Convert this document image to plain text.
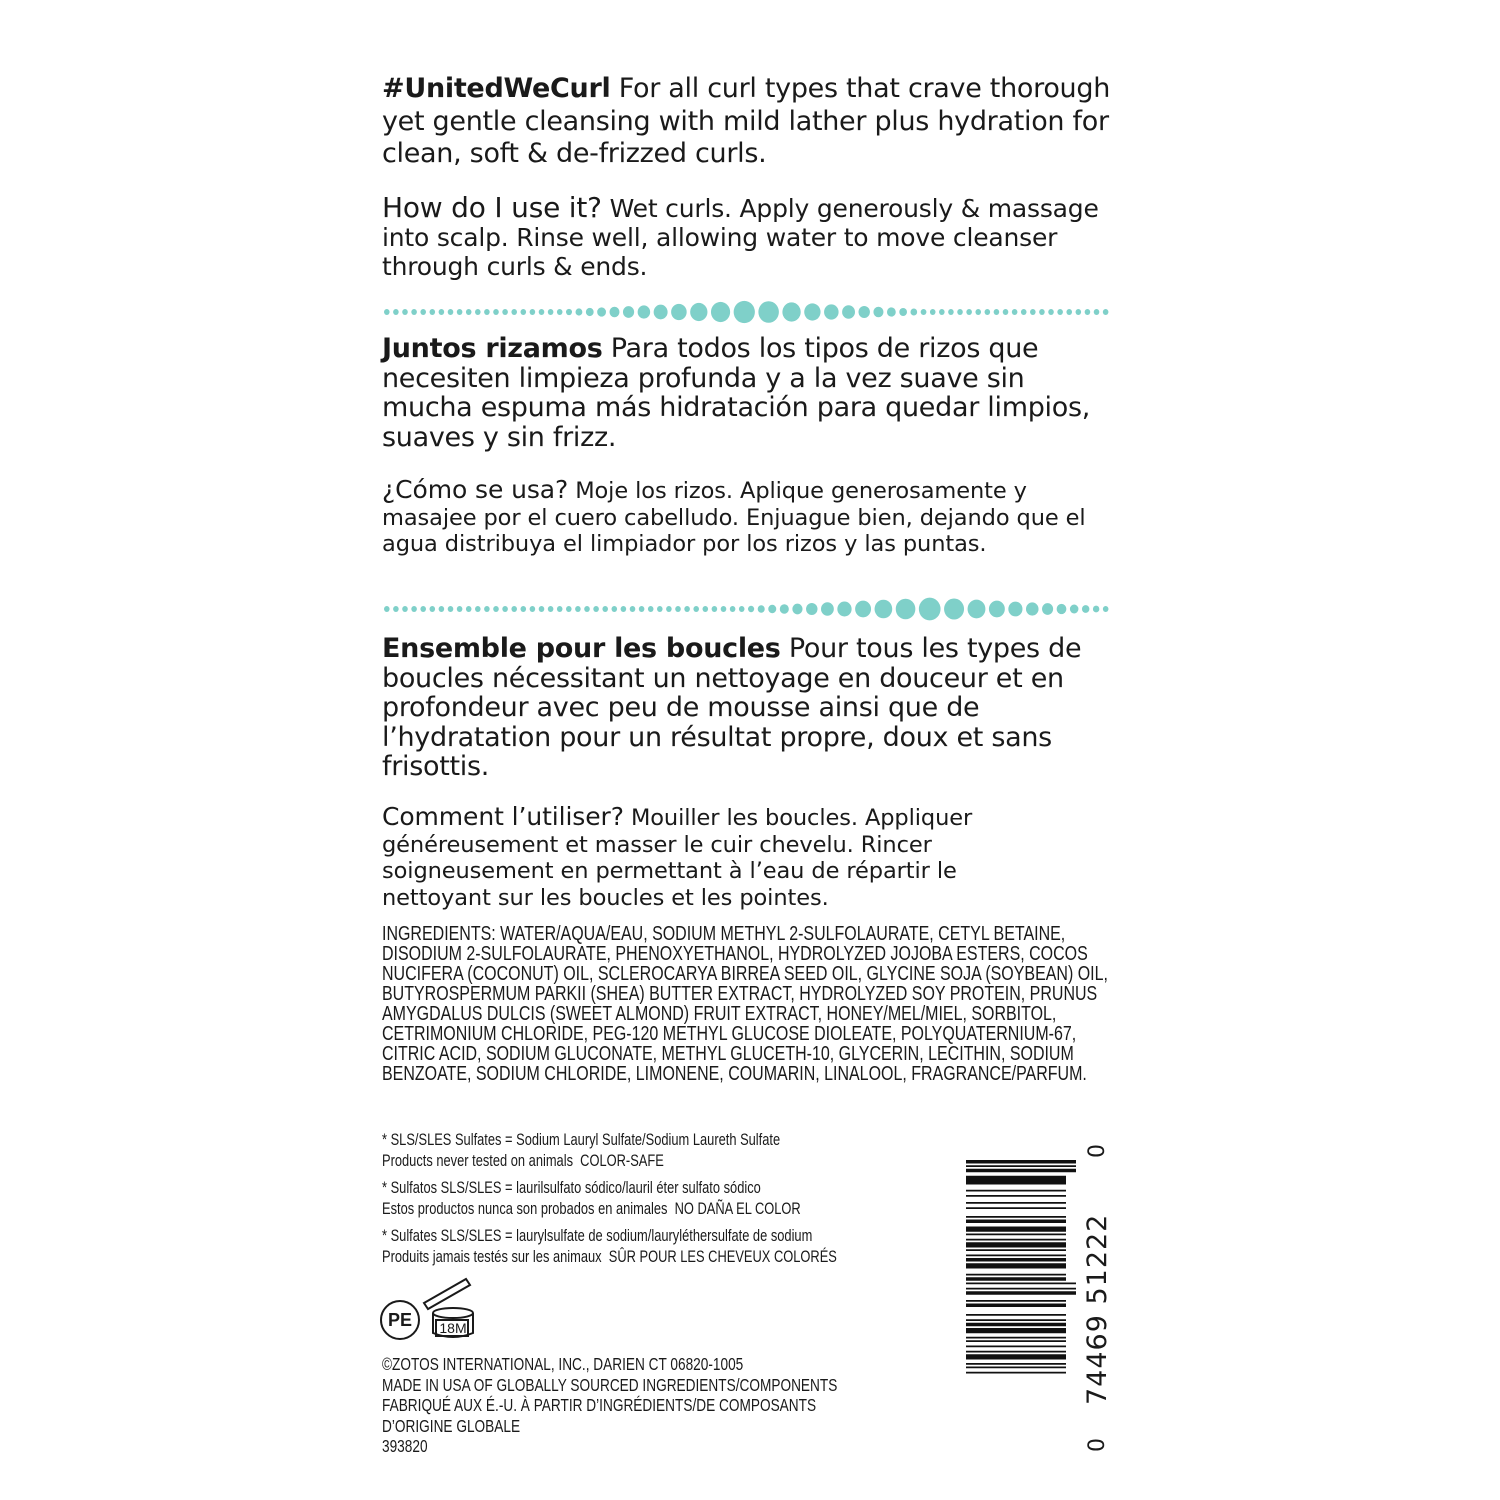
#UnitedWeCurl For all curl types that crave thorough yet gentle cleansing with mild lather plus hydration for clean, soft & de-frizzed curls.
How do I use it? Wet curls. Apply generously & massage into scalp. Rinse well, allowing water to move cleanser through curls & ends.
Juntos rizamos Para todos los tipos de rizos que necesiten limpieza profunda y a la vez suave sin mucha espuma más hidratación para quedar limpios, suaves y sin frizz.
¿Cómo se usa? Moje los rizos. Aplique generosamente y masajee por el cuero cabelludo. Enjuague bien, dejando que el agua distribuya el limpiador por los rizos y las puntas.
Ensemble pour les boucles Pour tous les types de boucles nécessitant un nettoyage en douceur et en profondeur avec peu de mousse ainsi que de l’hydratation pour un résultat propre, doux et sans frisottis.
Comment l’utiliser? Mouiller les boucles. Appliquer généreusement et masser le cuir chevelu. Rincer soigneusement en permettant à l’eau de répartir le nettoyant sur les boucles et les pointes.
INGREDIENTS: WATER/AQUA/EAU, SODIUM METHYL 2-SULFOLAURATE, CETYL BETAINE, DISODIUM 2-SULFOLAURATE, PHENOXYETHANOL, HYDROLYZED JOJOBA ESTERS, COCOS NUCIFERA (COCONUT) OIL, SCLEROCARYA BIRREA SEED OIL, GLYCINE SOJA (SOYBEAN) OIL, BUTYROSPERMUM PARKII (SHEA) BUTTER EXTRACT, HYDROLYZED SOY PROTEIN, PRUNUS AMYGDALUS DULCIS (SWEET ALMOND) FRUIT EXTRACT, HONEY/MEL/MIEL, SORBITOL, CETRIMONIUM CHLORIDE, PEG-120 METHYL GLUCOSE DIOLEATE, POLYQUATERNIUM-67, CITRIC ACID, SODIUM GLUCONATE, METHYL GLUCETH-10, GLYCERIN, LECITHIN, SODIUM BENZOATE, SODIUM CHLORIDE, LIMONENE, COUMARIN, LINALOOL, FRAGRANCE/PARFUM.

* SLS/SLES Sulfates = Sodium Lauryl Sulfate/Sodium Laureth Sulfate
Products never tested on animals  COLOR-SAFE

* Sulfatos SLS/SLES = laurilsulfato sódico/lauril éter sulfato sódico
Estos productos nunca son probados en animales  NO DAÑA EL COLOR

* Sulfates SLS/SLES = laurylsulfate de sodium/lauryléthersulfate de sodium
Produits jamais testés sur les animaux  SÛR POUR LES CHEVEUX COLORÉS

PE 18M
©ZOTOS INTERNATIONAL, INC., DARIEN CT 06820-1005
MADE IN USA OF GLOBALLY SOURCED INGREDIENTS/COMPONENTS
FABRIQUÉ AUX É.-U. À PARTIR D’INGRÉDIENTS/DE COMPOSANTS
D’ORIGINE GLOBALE
393820	0
74469 51222
0
